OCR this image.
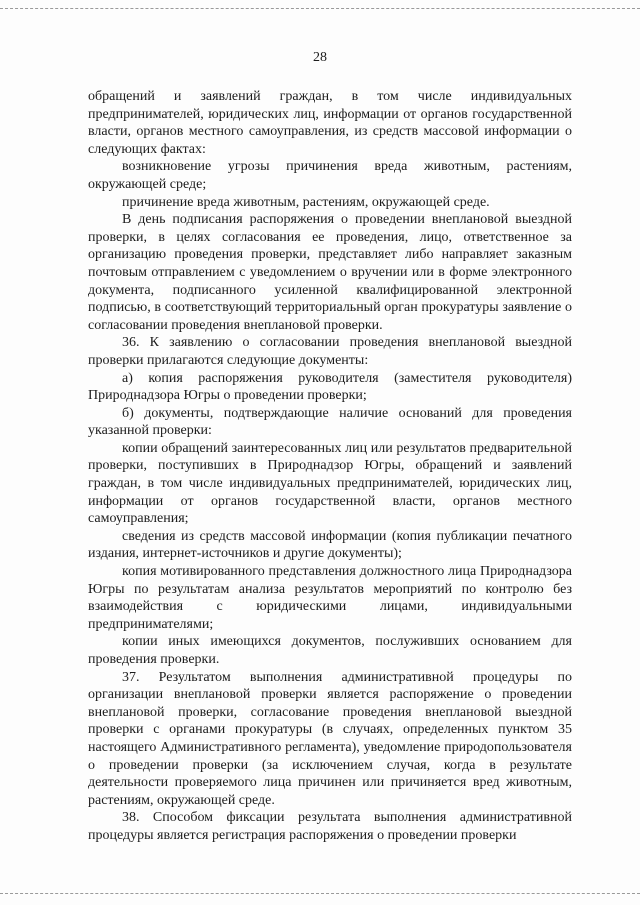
28

обращений и заявлений граждан, в том числе индивидуальных предпринимателей, юридических лиц, информации от органов государственной власти, органов местного самоуправления, из средств массовой информации о следующих фактах:

возникновение угрозы причинения вреда животным, растениям, окружающей среде;

причинение вреда животным, растениям, окружающей среде.

В день подписания распоряжения о проведении внеплановой выездной проверки, в целях согласования ее проведения, лицо, ответственное за организацию проведения проверки, представляет либо направляет заказным почтовым отправлением с уведомлением о вручении или в форме электронного документа, подписанного усиленной квалифицированной электронной подписью, в соответствующий территориальный орган прокуратуры заявление о согласовании проведения внеплановой проверки.

36. К заявлению о согласовании проведения внеплановой выездной проверки прилагаются следующие документы:

а) копия распоряжения руководителя (заместителя руководителя) Природнадзора Югры о проведении проверки;

б) документы, подтверждающие наличие оснований для проведения указанной проверки:

копии обращений заинтересованных лиц или результатов предварительной проверки, поступивших в Природнадзор Югры, обращений и заявлений граждан, в том числе индивидуальных предпринимателей, юридических лиц, информации от органов государственной власти, органов местного самоуправления;

сведения из средств массовой информации (копия публикации печатного издания, интернет-источников и другие документы);

копия мотивированного представления должностного лица Природнадзора Югры по результатам анализа результатов мероприятий по контролю без взаимодействия с юридическими лицами, индивидуальными предпринимателями;

копии иных имеющихся документов, послуживших основанием для проведения проверки.

37. Результатом выполнения административной процедуры по организации внеплановой проверки является распоряжение о проведении внеплановой проверки, согласование проведения внеплановой выездной проверки с органами прокуратуры (в случаях, определенных пунктом 35 настоящего Административного регламента), уведомление природопользователя о проведении проверки (за исключением случая, когда в результате деятельности проверяемого лица причинен или причиняется вред животным, растениям, окружающей среде.

38. Способом фиксации результата выполнения административной процедуры является регистрация распоряжения о проведении проверки
